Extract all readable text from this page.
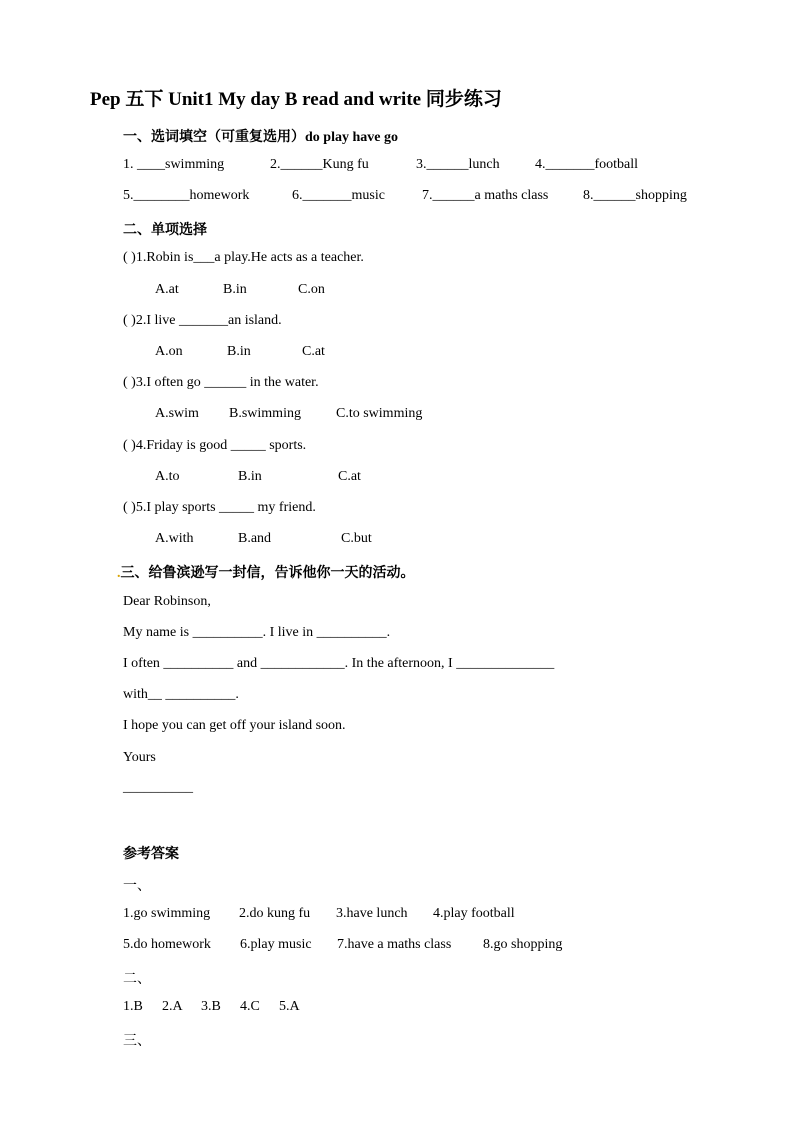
Pep 五下 Unit1 My day B read and write 同步练习
一、选词填空（可重复选用）do play have go
1. ____swimming	2.______Kung fu	3.______lunch	4._______football
5.________homework	6._______music	7.______a maths class 8.______shopping
二、单项选择
( )1.Robin is___a play.He acts as a teacher.
A.at	B.in	C.on
( )2.I live _______an island.
A.on	B.in	C.at
( )3.I often go ______ in the water.
A.swim B.swimming	C.to swimming
( )4.Friday is good _____ sports.
A.to	B.in	C.at
( )5.I play sports _____ my friend.
A.with	B.and	C.but
.三、给鲁滨逊写一封信，告诉他你一天的活动。
Dear Robinson,
My name is __________. I live in __________.
I often __________ and ____________. In the afternoon, I ______________
with__ __________.
I hope you can get off your island soon.
Yours
__________
参考答案
一、
1.go swimming 2.do kung fu 3.have lunch 4.play football
5.do homework 6.play music 7.have a maths class 8.go shopping
二、
1.B 2.A 3.B 4.C 5.A
三、
